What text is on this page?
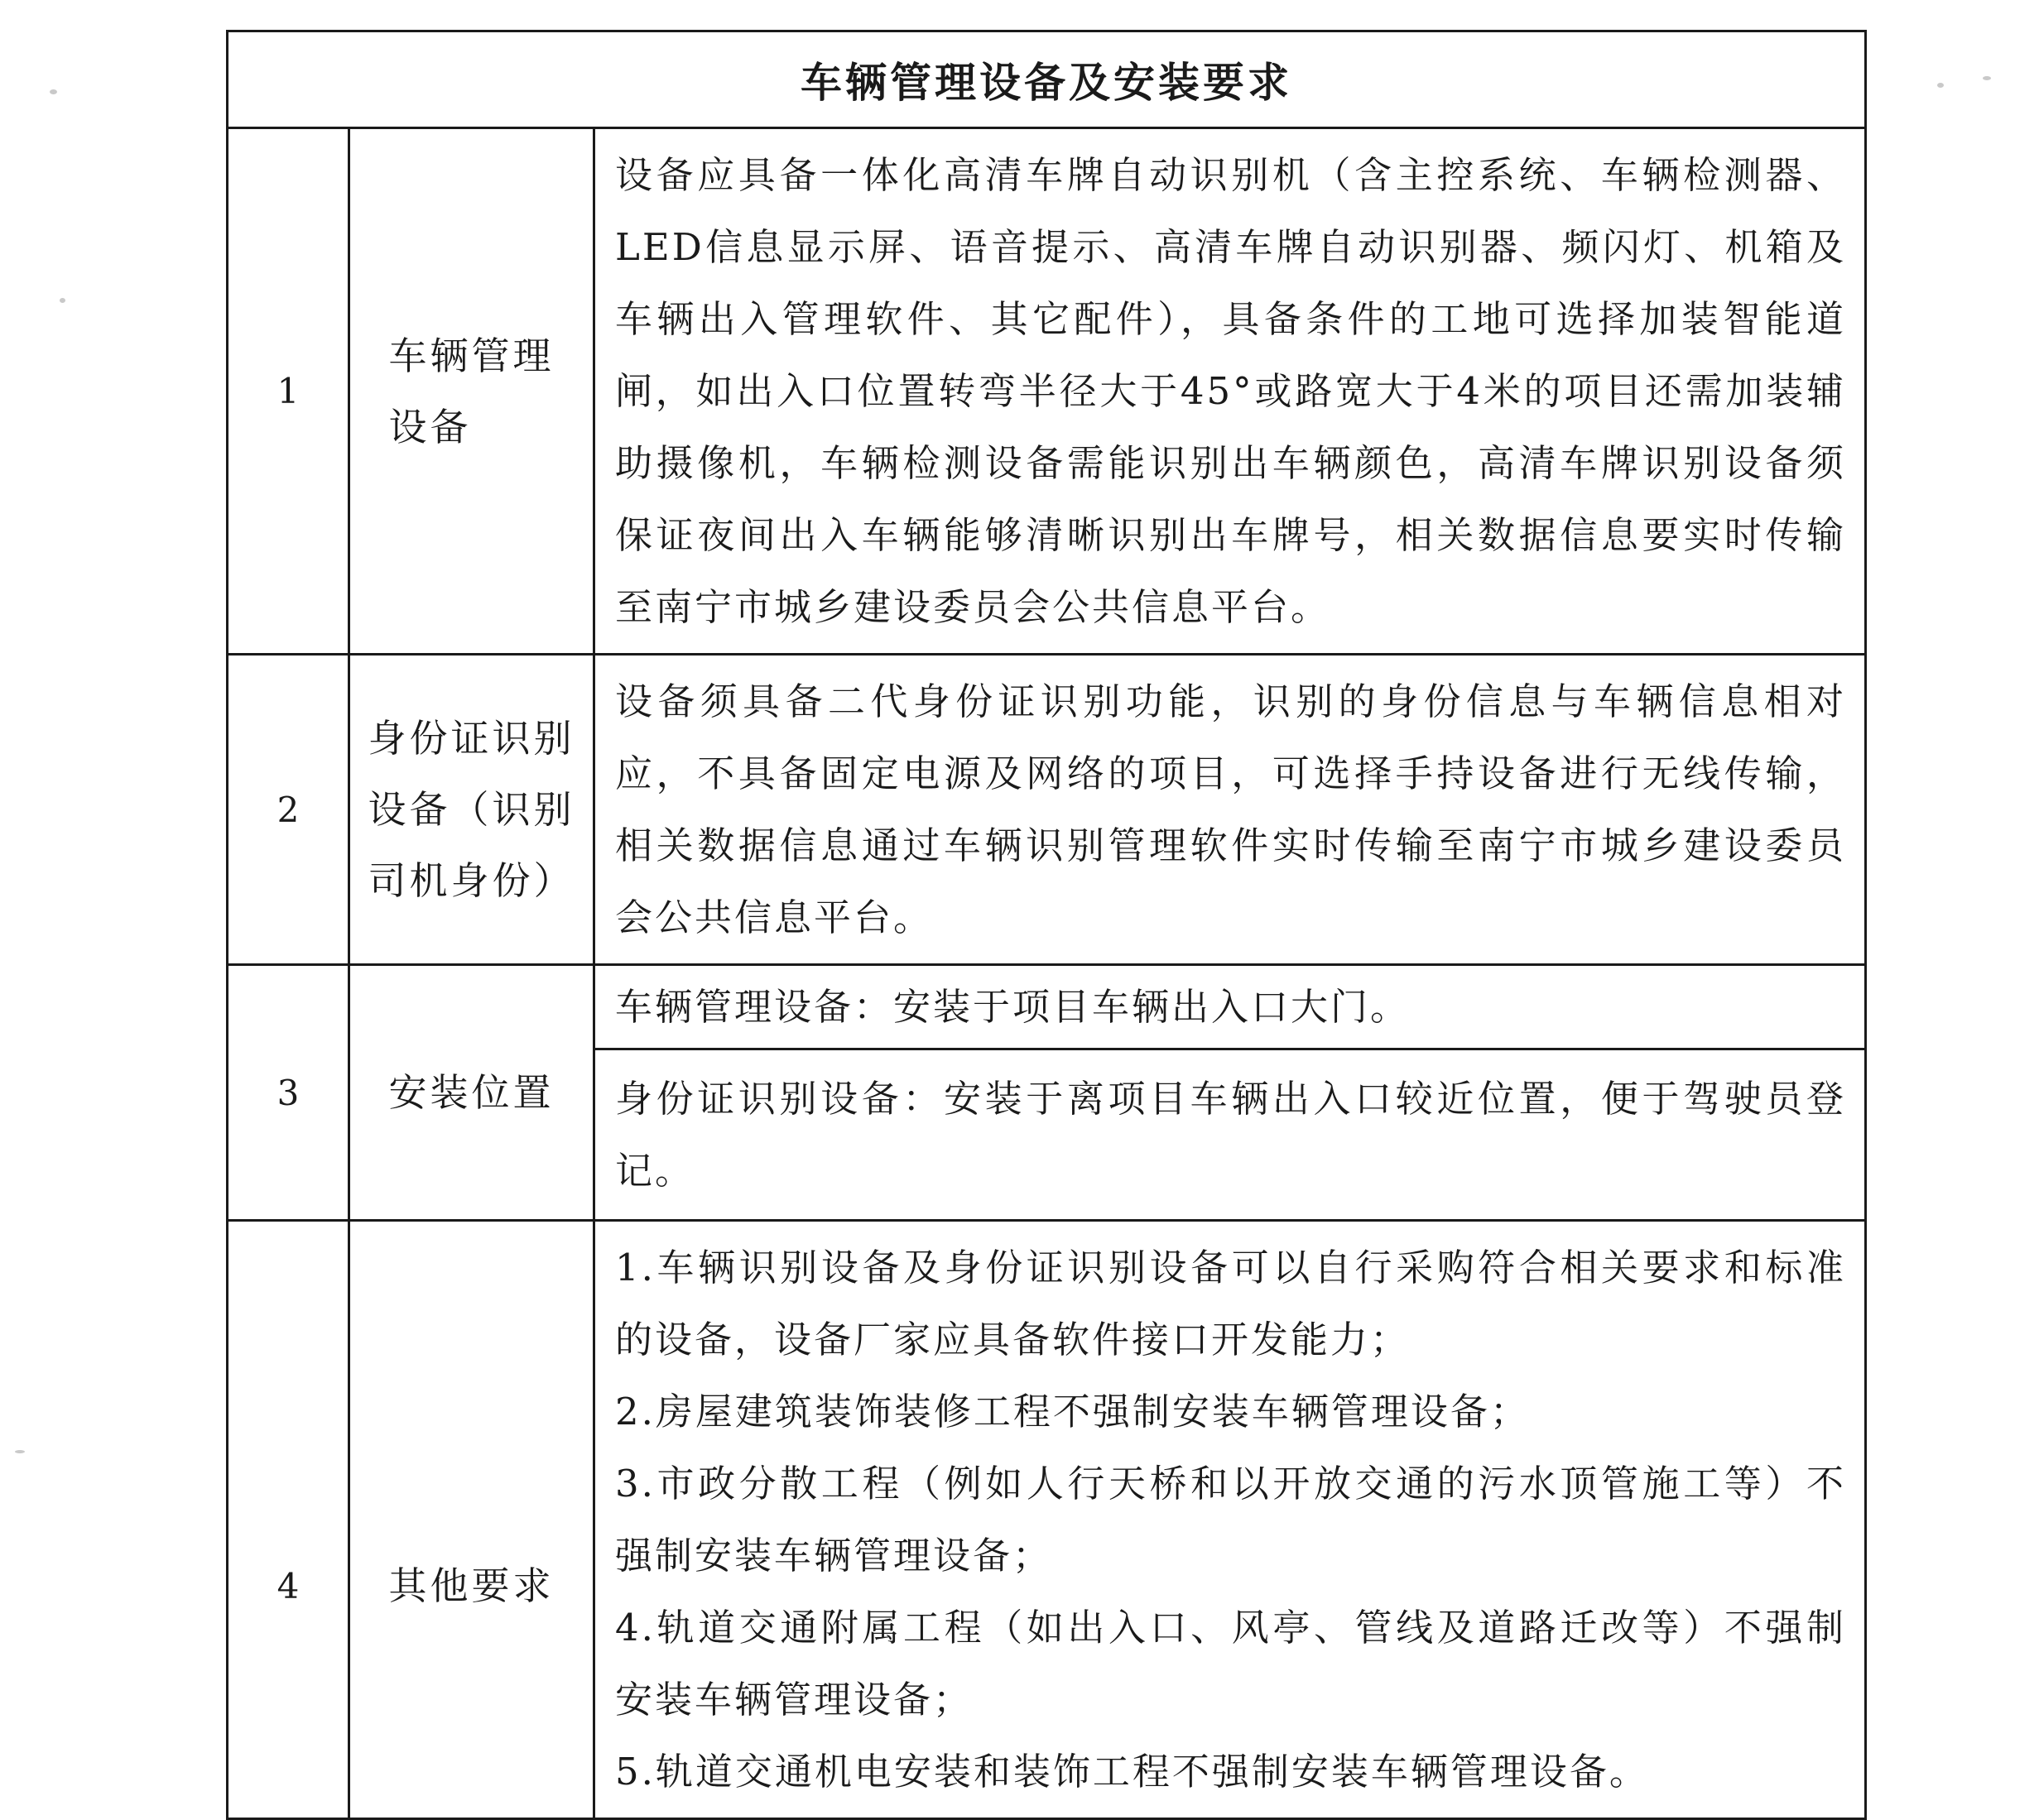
车辆管理设备及安装要求		
1	车辆管理设备	设备应具备一体化高清车牌自动识别机（含主控系统、车辆检测器、LED信息显示屏、语音提示、高清车牌自动识别器、频闪灯、机箱及车辆出入管理软件、其它配件），具备条件的工地可选择加装智能道闸，如出入口位置转弯半径大于45°或路宽大于4米的项目还需加装辅助摄像机，车辆检测设备需能识别出车辆颜色，高清车牌识别设备须保证夜间出入车辆能够清晰识别出车牌号，相关数据信息要实时传输至南宁市城乡建设委员会公共信息平台。
2	身份证识别设备（识别司机身份）	设备须具备二代身份证识别功能，识别的身份信息与车辆信息相对应，不具备固定电源及网络的项目，可选择手持设备进行无线传输，相关数据信息通过车辆识别管理软件实时传输至南宁市城乡建设委员会公共信息平台。
3	安装位置	车辆管理设备：安装于项目车辆出入口大门。
		身份证识别设备：安装于离项目车辆出入口较近位置，便于驾驶员登记。
4	其他要求	1.车辆识别设备及身份证识别设备可以自行采购符合相关要求和标准的设备，设备厂家应具备软件接口开发能力；
2.房屋建筑装饰装修工程不强制安装车辆管理设备；
3.市政分散工程（例如人行天桥和以开放交通的污水顶管施工等）不强制安装车辆管理设备；
4.轨道交通附属工程（如出入口、风亭、管线及道路迁改等）不强制安装车辆管理设备；
5.轨道交通机电安装和装饰工程不强制安装车辆管理设备。
